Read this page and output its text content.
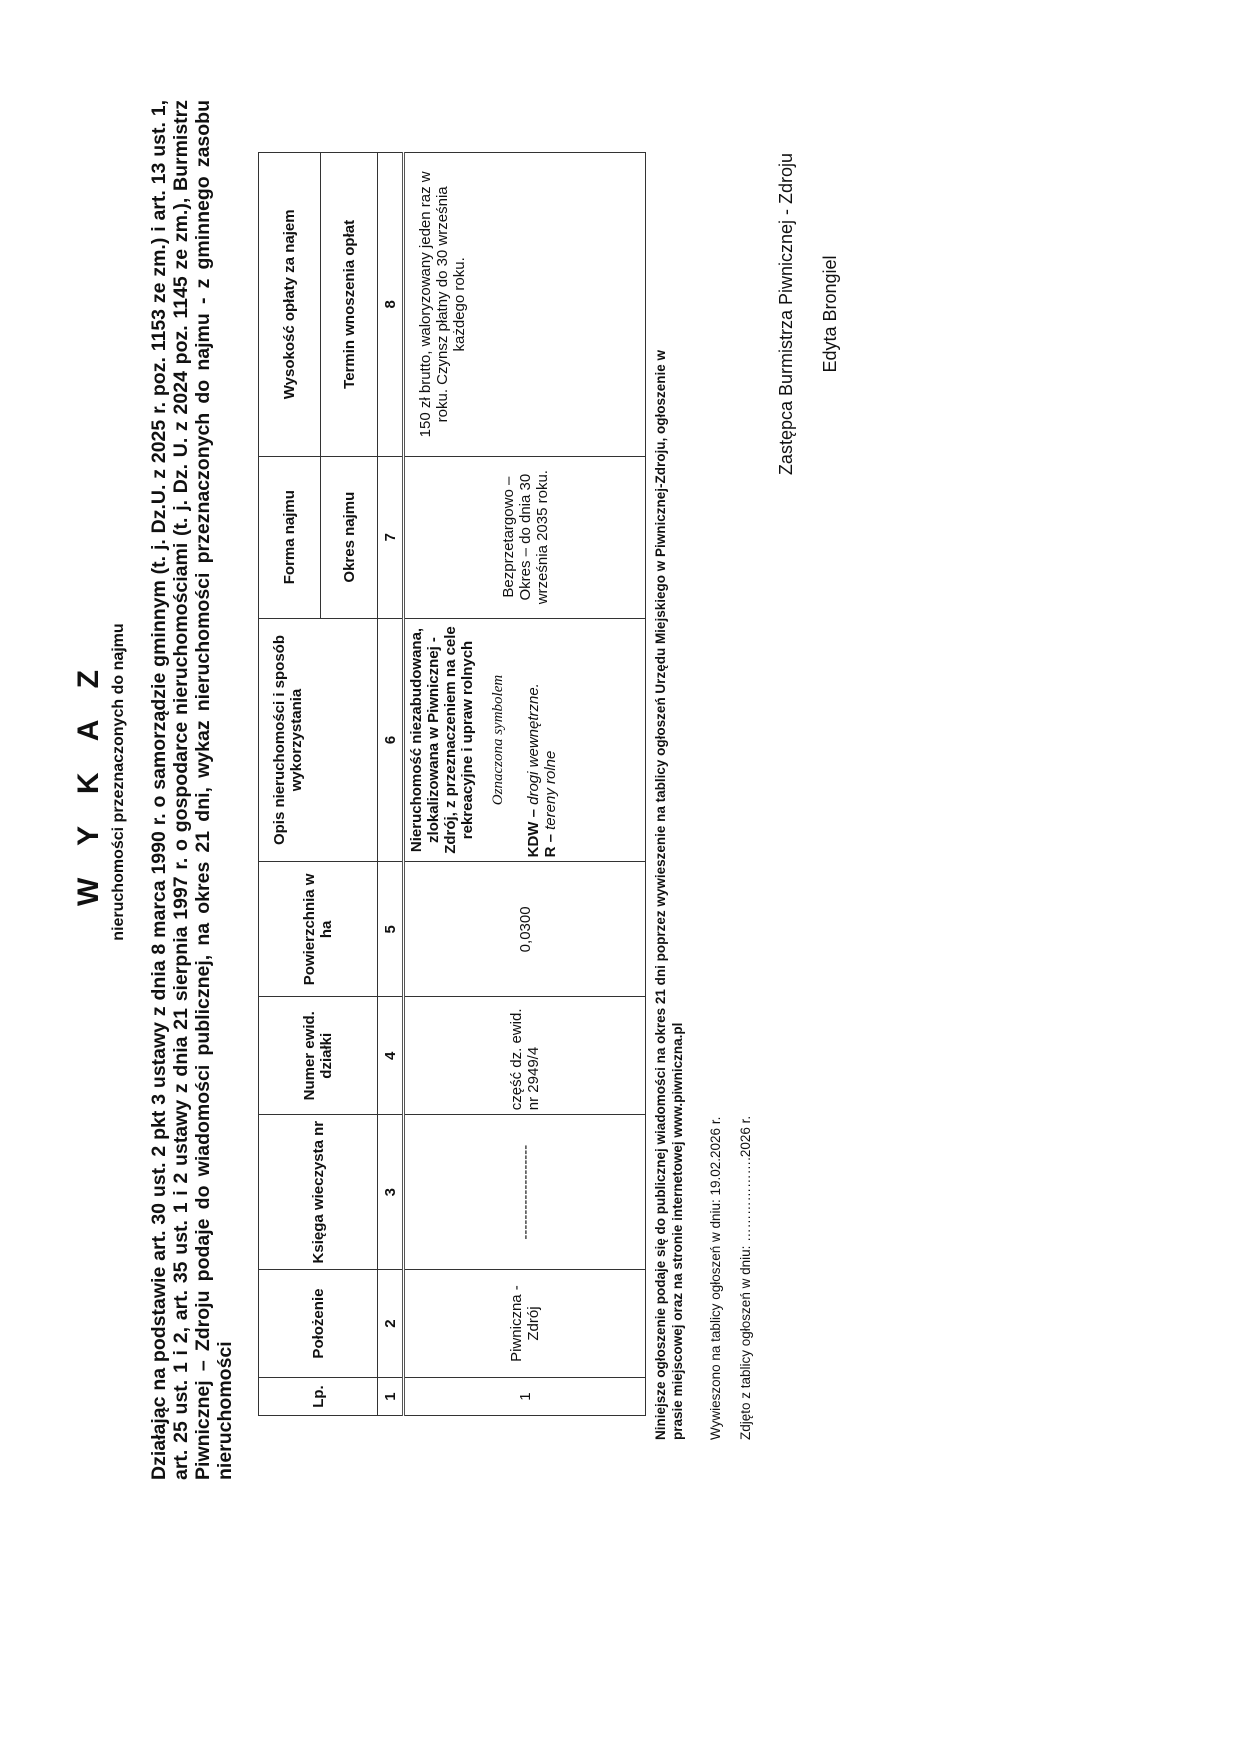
W Y K A Z nieruchomości przeznaczonych do najmu Działając na podstawie art. 30 ust. 2 pkt 3 ustawy z dnia 8 marca 1990 r. o samorządzie gminnym (t. j. Dz.U. z 2025 r. poz. 1153 ze zm.) i art. 13 ust. 1, art. 25 ust. 1 i 2, art. 35 ust. 1 i 2 ustawy z dnia 21 sierpnia 1997 r. o gospodarce nieruchomościami (t. j. Dz. U. z 2024 poz. 1145 ze zm.), Burmistrz Piwnicznej – Zdroju podaje do wiadomości publicznej, na okres 21 dni, wykaz nieruchomości przeznaczonych do najmu - z gminnego zasobu nieruchomości	Lp.	Położenie	Księga wieczysta nr	Numer ewid. działki	Powierzchnia w ha	Opis nieruchomości i sposób wykorzystania	Forma najmu	Wysokość opłaty za najem
						Okres najmu	Termin wnoszenia opłat
1	2	3	4	5	6	7	8
1	Piwniczna - Zdrój	-------------------	część dz. ewid. nr 2949/4	0,0300	Nieruchomość niezabudowana, zlokalizowana w Piwnicznej - Zdrój, z przeznaczeniem na cele rekreacyjne i upraw rolnych Oznaczona symbolem
KDW – drogi wewnętrzne.
R – tereny rolne	Bezprzetargowo – Okres – do dnia 30 września 2035 roku.	150 zł brutto, waloryzowany jeden raz w roku. Czynsz płatny do 30 września każdego roku.
Niniejsze ogłoszenie podaje się do publicznej wiadomości na okres 21 dni poprzez wywieszenie na tablicy ogłoszeń Urzędu Miejskiego w Piwnicznej-Zdroju, ogłoszenie w prasie miejscowej oraz na stronie internetowej www.piwniczna.pl Wywieszono na tablicy ogłoszeń w dniu: 19.02.2026 r. Zdjęto z tablicy ogłoszeń w dniu: ……………….2026 r.
Zastępca Burmistrza Piwnicznej - Zdroju Edyta Brongiel
